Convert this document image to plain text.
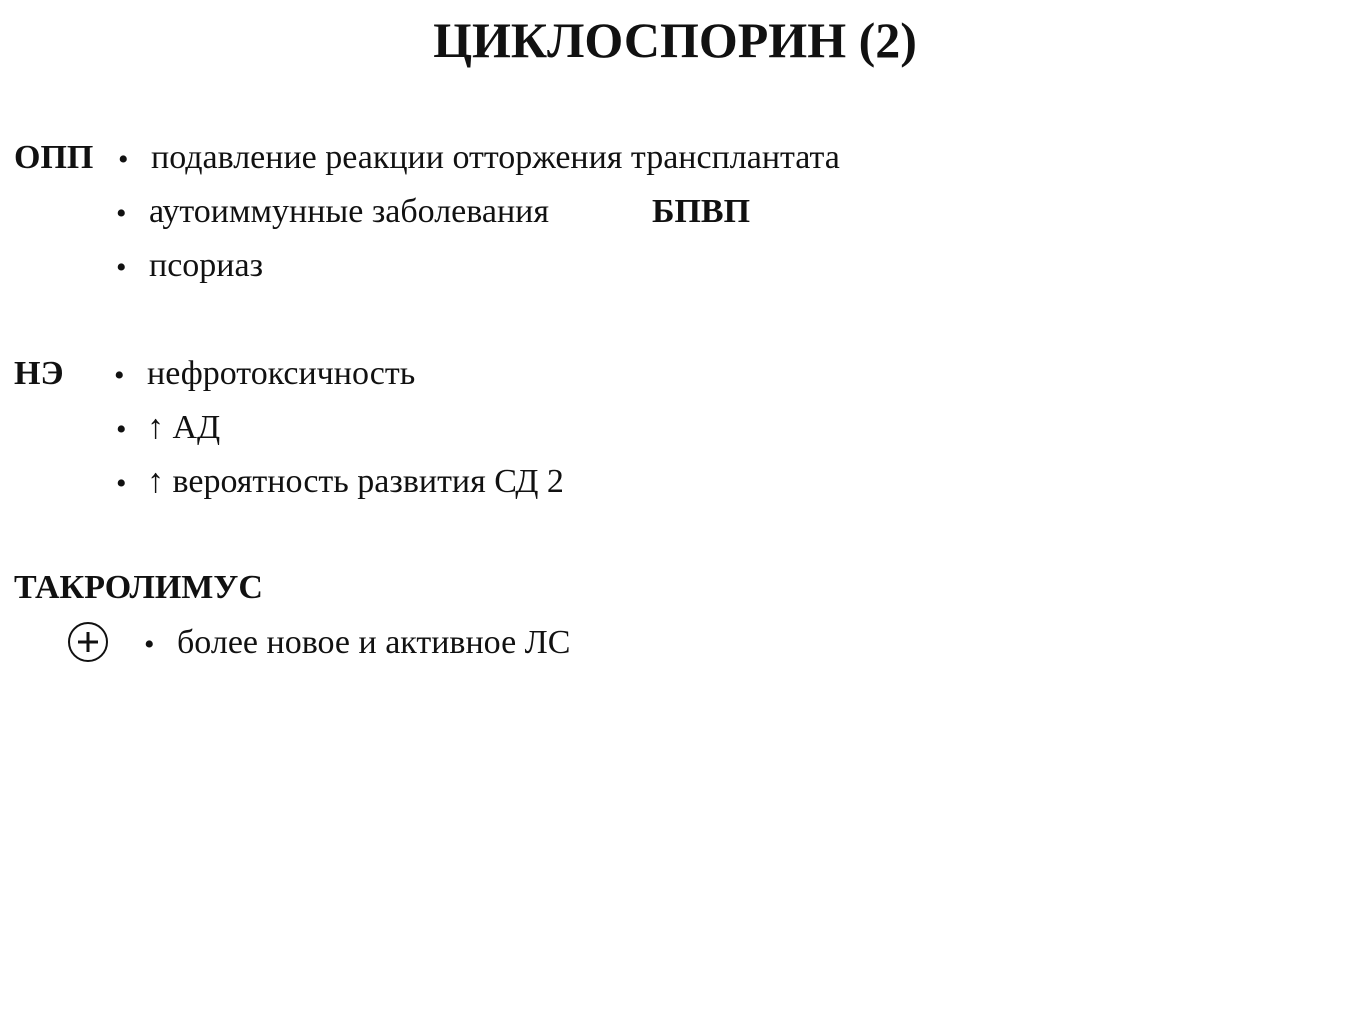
ЦИКЛОСПОРИН (2)
ОПП • подавление реакции отторжения трансплантата
• аутоиммунные заболевания	БПВП
• псориаз
НЭ • нефротоксичность
• ↑ АД
• ↑ вероятность развития СД 2
ТАКРОЛИМУС
• более новое и активное ЛС
